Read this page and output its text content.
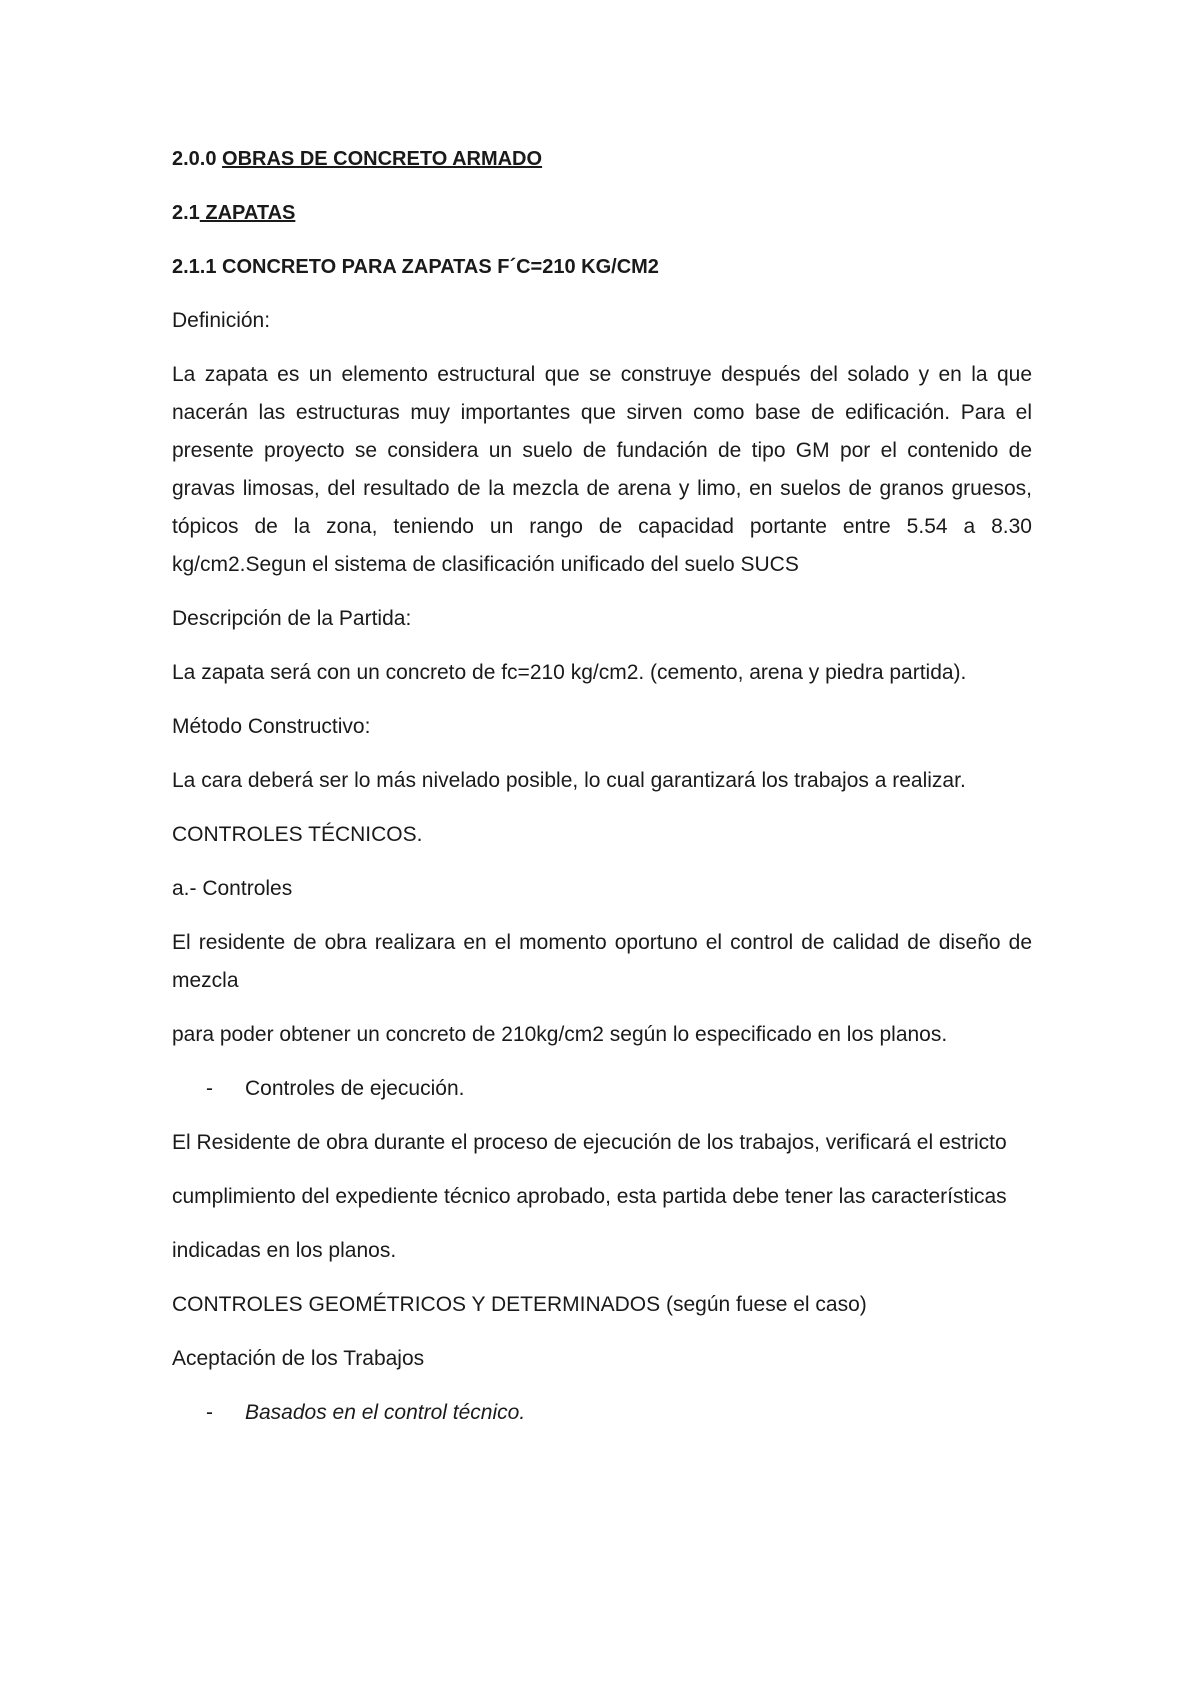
2.0.0 OBRAS DE CONCRETO ARMADO
2.1 ZAPATAS
2.1.1 CONCRETO PARA ZAPATAS F´C=210 KG/CM2

Definición:

La zapata es un elemento estructural que se construye después del solado y en la que nacerán las estructuras muy importantes que sirven como base de edificación. Para el presente proyecto se considera un suelo de fundación de tipo GM por el contenido de gravas limosas, del resultado de la mezcla de arena y limo, en suelos de granos gruesos, tópicos de la zona, teniendo un rango de capacidad portante entre 5.54 a 8.30 kg/cm2.Segun el sistema de clasificación unificado del suelo SUCS

Descripción de la Partida:

La zapata será con un concreto de fc=210 kg/cm2. (cemento, arena y piedra partida).

Método Constructivo:

La cara deberá ser lo más nivelado posible, lo cual garantizará los trabajos a realizar.

CONTROLES TÉCNICOS.

a.- Controles

El residente de obra realizara en el momento oportuno el control de calidad de diseño de mezcla

para poder obtener un concreto de 210kg/cm2 según lo especificado en los planos.

-	Controles de ejecución.

El Residente de obra durante el proceso de ejecución de los trabajos, verificará el estricto

cumplimiento del expediente técnico aprobado, esta partida debe tener las características

indicadas en los planos.

CONTROLES GEOMÉTRICOS Y DETERMINADOS (según fuese el caso)

Aceptación de los Trabajos

-	Basados en el control técnico.
